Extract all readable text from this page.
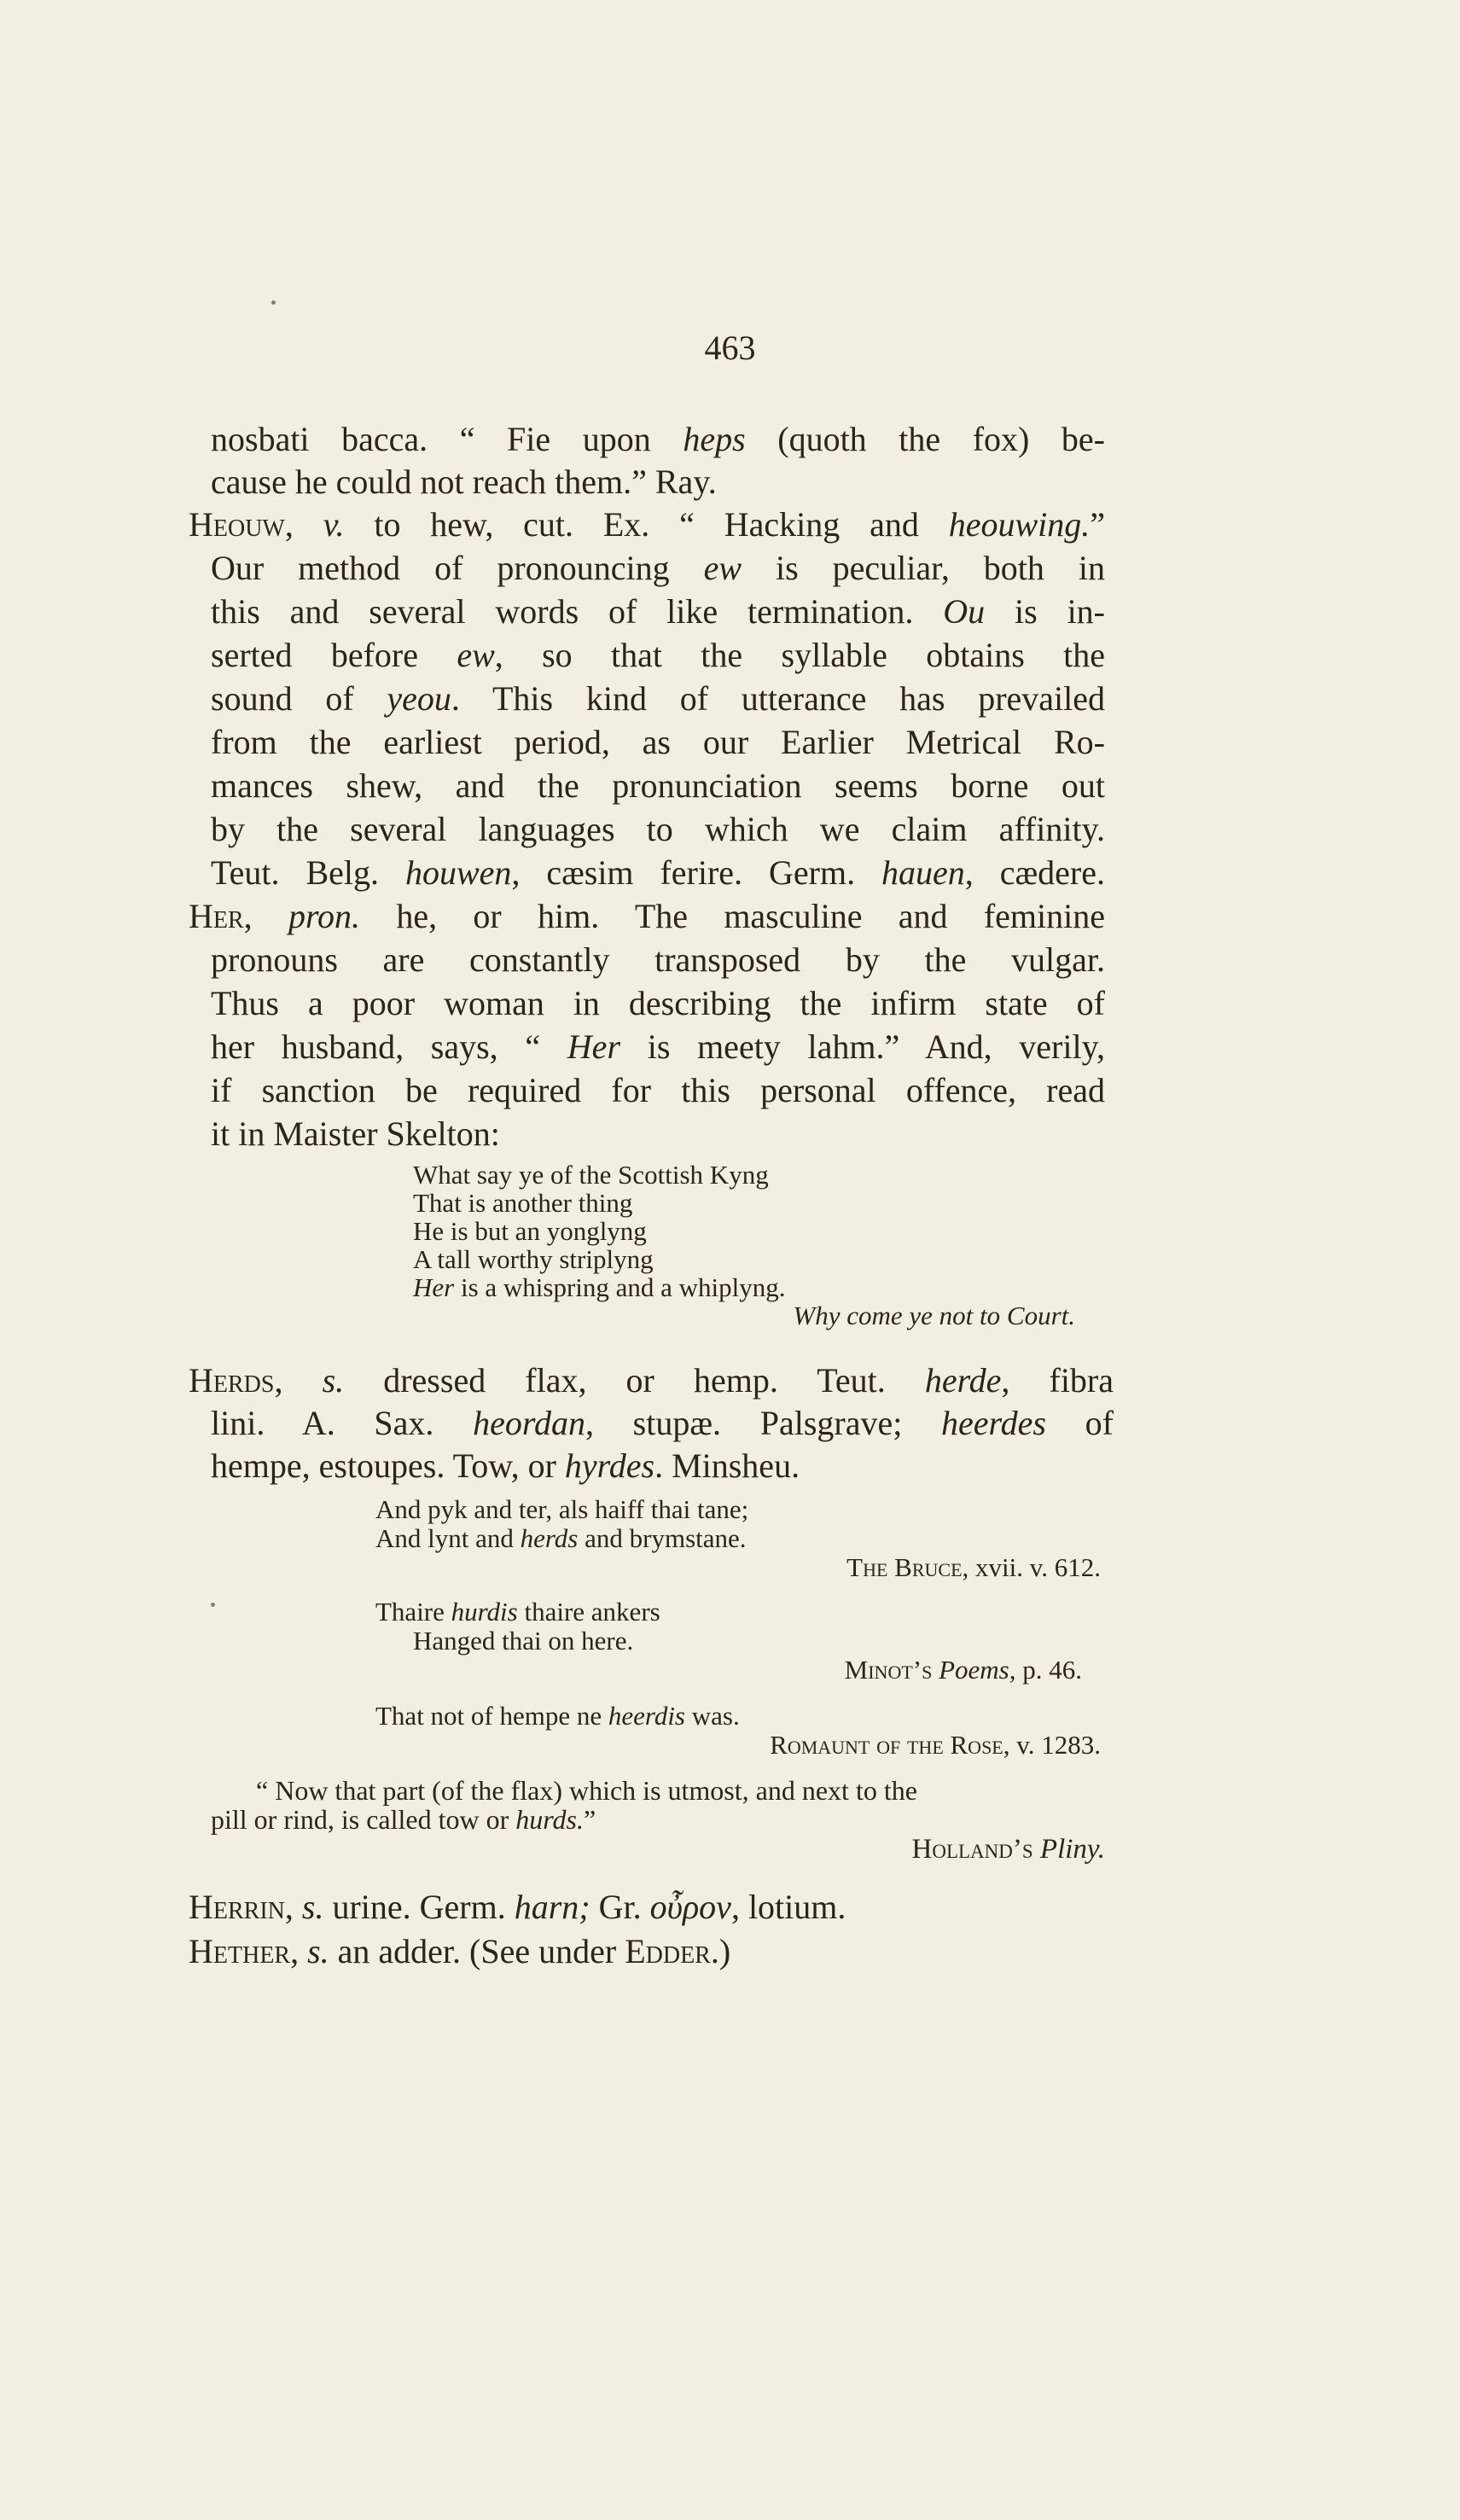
463
nosbati bacca. “ Fie upon heps (quoth the fox) be-
cause he could not reach them.” Ray.
Heouw, v. to hew, cut. Ex. “ Hacking and heouwing.”
Our method of pronouncing ew is peculiar, both in
this and several words of like termination. Ou is in-
serted before ew, so that the syllable obtains the
sound of yeou. This kind of utterance has prevailed
from the earliest period, as our Earlier Metrical Ro-
mances shew, and the pronunciation seems borne out
by the several languages to which we claim affinity.
Teut. Belg. houwen, cæsim ferire. Germ. hauen, cædere.
Her, pron. he, or him. The masculine and feminine
pronouns are constantly transposed by the vulgar.
Thus a poor woman in describing the infirm state of
her husband, says, “ Her is meety lahm.” And, verily,
if sanction be required for this personal offence, read
it in Maister Skelton:
What say ye of the Scottish Kyng
That is another thing
He is but an yonglyng
A tall worthy striplyng
Her is a whispring and a whiplyng.
Why come ye not to Court.
Herds, s. dressed flax, or hemp. Teut. herde, fibra
lini. A. Sax. heordan, stupæ. Palsgrave; heerdes of
hempe, estoupes. Tow, or hyrdes. Minsheu.
And pyk and ter, als haiff thai tane;
And lynt and herds and brymstane.
The Bruce, xvii. v. 612.
Thaire hurdis thaire ankers
Hanged thai on here.
Minot’s Poems, p. 46.
That not of hempe ne heerdis was.
Romaunt of the Rose, v. 1283.
“ Now that part (of the flax) which is utmost, and next to the
pill or rind, is called tow or hurds.”
Holland’s Pliny.
Herrin, s. urine. Germ. harn; Gr. οὖρον, lotium.
Hether, s. an adder. (See under Edder.)
